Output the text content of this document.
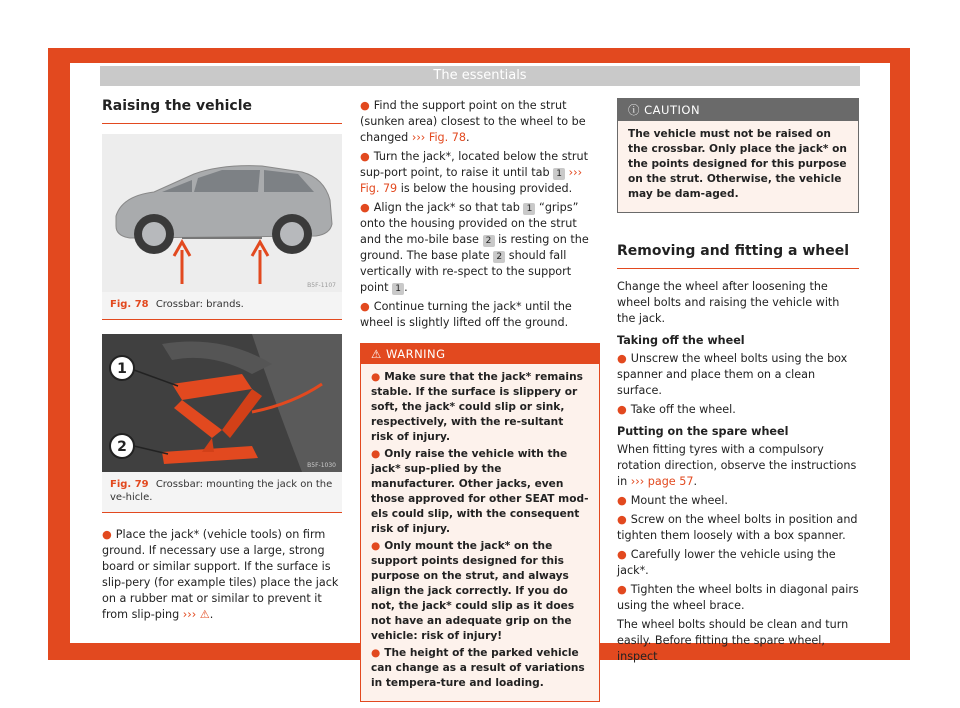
The essentials
Raising the vehicle
B5F-1107
Fig. 78 Crossbar: brands.
1
2
B5F-1030
Fig. 79 Crossbar: mounting the jack on the ve-hicle.

● Place the jack* (vehicle tools) on firm ground. If necessary use a large, strong board or similar support. If the surface is slip-pery (for example tiles) place the jack on a rubber mat or similar to prevent it from slip-ping ››› ⚠.

● Find the support point on the strut (sunken area) closest to the wheel to be changed ››› Fig. 78.

● Turn the jack*, located below the strut sup-port point, to raise it until tab 1 ››› Fig. 79 is below the housing provided.

● Align the jack* so that tab 1 “grips” onto the housing provided on the strut and the mo-bile base 2 is resting on the ground. The base plate 2 should fall vertically with re-spect to the support point 1 .

● Continue turning the jack* until the wheel is slightly lifted off the ground.

⚠ WARNING

● Make sure that the jack* remains stable. If the surface is slippery or soft, the jack* could slip or sink, respectively, with the re-sultant risk of injury.

● Only raise the vehicle with the jack* sup-plied by the manufacturer. Other jacks, even those approved for other SEAT mod-els could slip, with the consequent risk of injury.

● Only mount the jack* on the support points designed for this purpose on the strut, and always align the jack correctly. If you do not, the jack* could slip as it does not have an adequate grip on the vehicle: risk of injury!

● The height of the parked vehicle can change as a result of variations in tempera-ture and loading.

ⓘ CAUTION

The vehicle must not be raised on the crossbar. Only place the jack* on the points designed for this purpose on the strut. Otherwise, the vehicle may be dam-aged.

Removing and fitting a wheel

Change the wheel after loosening the wheel bolts and raising the vehicle with the jack.

Taking off the wheel

● Unscrew the wheel bolts using the box spanner and place them on a clean surface.

● Take off the wheel.

Putting on the spare wheel

When fitting tyres with a compulsory rotation direction, observe the instructions in ››› page 57.

● Mount the wheel.

● Screw on the wheel bolts in position and tighten them loosely with a box spanner.

● Carefully lower the vehicle using the jack*.

● Tighten the wheel bolts in diagonal pairs using the wheel brace.

The wheel bolts should be clean and turn easily. Before fitting the spare wheel, inspect

56
